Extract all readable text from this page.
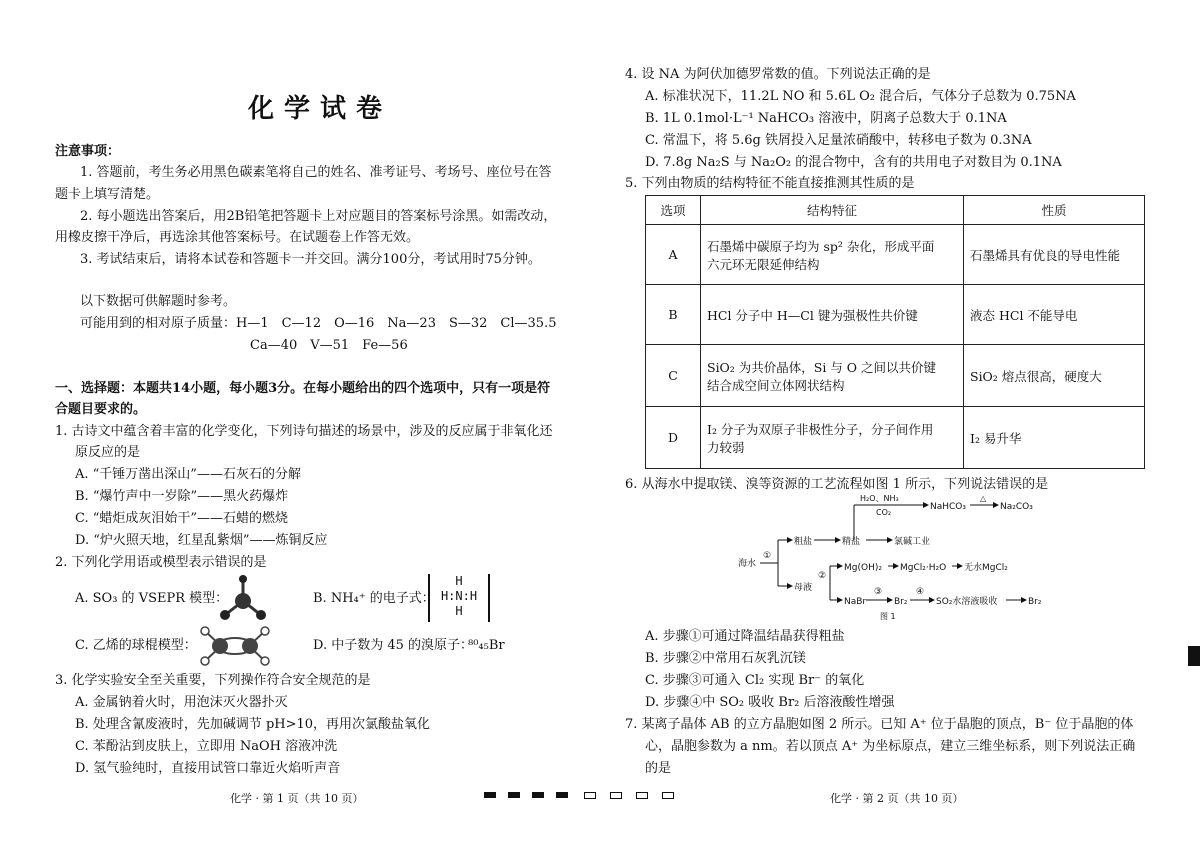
化学试卷
注意事项：
1. 答题前，考生务必用黑色碳素笔将自己的姓名、准考证号、考场号、座位号在答
题卡上填写清楚。
2. 每小题选出答案后，用2B铅笔把答题卡上对应题目的答案标号涂黑。如需改动，
用橡皮擦干净后，再选涂其他答案标号。在试题卷上作答无效。
3. 考试结束后，请将本试卷和答题卡一并交回。满分100分，考试用时75分钟。
以下数据可供解题时参考。
可能用到的相对原子质量：H—1　C—12　O—16　Na—23　S—32　Cl—35.5
Ca—40　V—51　Fe—56
一、选择题：本题共14小题，每小题3分。在每小题给出的四个选项中，只有一项是符
合题目要求的。
1. 古诗文中蕴含着丰富的化学变化，下列诗句描述的场景中，涉及的反应属于非氧化还
原反应的是
A. “千锤万凿出深山”——石灰石的分解
B. “爆竹声中一岁除”——黑火药爆炸
C. “蜡炬成灰泪始干”——石蜡的燃烧
D. “炉火照天地，红星乱紫烟”——炼铜反应
2. 下列化学用语或模型表示错误的是
A. SO₃ 的 VSEPR 模型：	B. NH₄⁺ 的电子式：
H
H:N:H
H
C. 乙烯的球棍模型：	D. 中子数为 45 的溴原子：
⁸⁰₄₅Br
3. 化学实验安全至关重要，下列操作符合安全规范的是
A. 金属钠着火时，用泡沫灭火器扑灭
B. 处理含氰废液时，先加碱调节 pH>10，再用次氯酸盐氧化
C. 苯酚沾到皮肤上，立即用 NaOH 溶液冲洗
D. 氢气验纯时，直接用试管口靠近火焰听声音
化学 · 第 1 页（共 10 页）
4. 设 NA 为阿伏加德罗常数的值。下列说法正确的是
A. 标准状况下，11.2L NO 和 5.6L O₂ 混合后，气体分子总数为 0.75NA
B. 1L 0.1mol·L⁻¹ NaHCO₃ 溶液中，阴离子总数大于 0.1NA
C. 常温下，将 5.6g 铁屑投入足量浓硝酸中，转移电子数为 0.3NA
D. 7.8g Na₂S 与 Na₂O₂ 的混合物中，含有的共用电子对数目为 0.1NA
5. 下列由物质的结构特征不能直接推测其性质的是
选项	结构特征	性质
A	石墨烯中碳原子均为 sp² 杂化，形成平面
六元环无限延伸结构	石墨烯具有优良的导电性能
B	HCl 分子中 H—Cl 键为强极性共价键	液态 HCl 不能导电
C	SiO₂ 为共价晶体，Si 与 O 之间以共价键
结合成空间立体网状结构	SiO₂ 熔点很高，硬度大
D	I₂ 分子为双原子非极性分子，分子间作用
力较弱	I₂ 易升华
6. 从海水中提取镁、溴等资源的工艺流程如图 1 所示，下列说法错误的是
海水
①
粗盐	精盐
H₂O、NH₃
CO₂
NaHCO₃
△
Na₂CO₃
氯碱工业
母液
②
Mg(OH)₂ MgCl₂·H₂O 无水MgCl₂
NaBr
③
Br₂
④
SO₂水溶液吸收	Br₂
图 1
A. 步骤①可通过降温结晶获得粗盐
B. 步骤②中常用石灰乳沉镁
C. 步骤③可通入 Cl₂ 实现 Br⁻ 的氧化
D. 步骤④中 SO₂ 吸收 Br₂ 后溶液酸性增强
7. 某离子晶体 AB 的立方晶胞如图 2 所示。已知 A⁺ 位于晶胞的顶点，B⁻ 位于晶胞的体
心，晶胞参数为 a nm。若以顶点 A⁺ 为坐标原点，建立三维坐标系，则下列说法正确
的是
化学 · 第 2 页（共 10 页）
